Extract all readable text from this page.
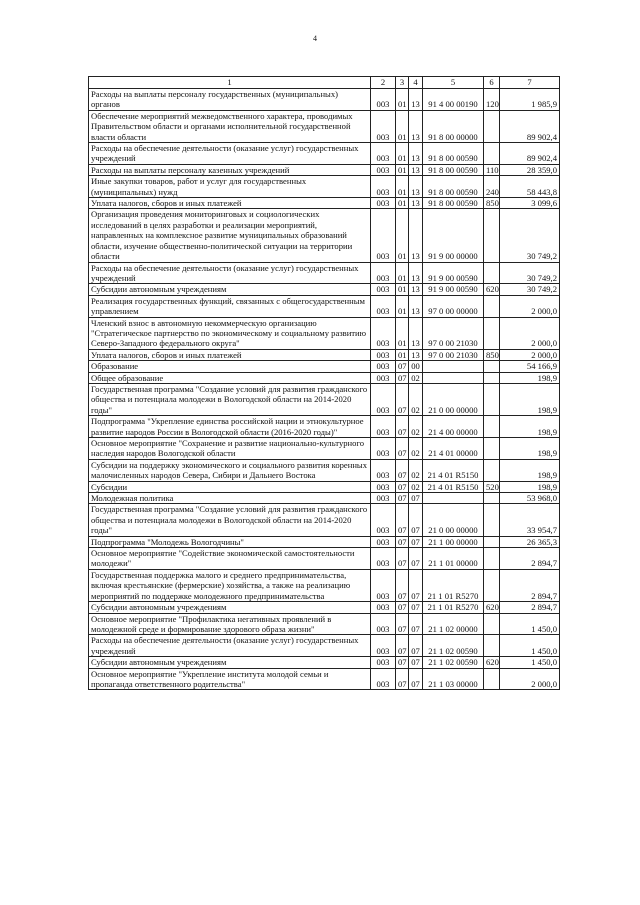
4
1	2	3	4	5	6	7
Расходы на выплаты персоналу государственных (муниципальных) органов	003	01	13	91 4 00 00190	120	1 985,9
Обеспечение мероприятий межведомственного характера, проводимых Правительством области и органами исполнительной государственной власти области	003	01	13	91 8 00 00000		89 902,4
Расходы на обеспечение деятельности (оказание услуг) государственных учреждений	003	01	13	91 8 00 00590		89 902,4
Расходы на выплаты персоналу казенных учреждений	003	01	13	91 8 00 00590	110	28 359,0
Иные закупки товаров, работ и услуг для государственных (муниципальных) нужд	003	01	13	91 8 00 00590	240	58 443,8
Уплата налогов, сборов и иных платежей	003	01	13	91 8 00 00590	850	3 099,6
Организация проведения мониторинговых и социологических исследований в целях разработки и реализации мероприятий, направленных на комплексное развитие муниципальных образований области, изучение общественно-политической ситуации на территории области	003	01	13	91 9 00 00000		30 749,2
Расходы на обеспечение деятельности (оказание услуг) государственных учреждений	003	01	13	91 9 00 00590		30 749,2
Субсидии автономным учреждениям	003	01	13	91 9 00 00590	620	30 749,2
Реализация государственных функций, связанных с общегосударственным управлением	003	01	13	97 0 00 00000		2 000,0
Членский взнос в автономную некоммерческую организацию "Стратегическое партнерство по экономическому и социальному развитию Северо-Западного федерального округа"	003	01	13	97 0 00 21030		2 000,0
Уплата налогов, сборов и иных платежей	003	01	13	97 0 00 21030	850	2 000,0
Образование	003	07	00			54 166,9
Общее образование	003	07	02			198,9
Государственная программа "Создание условий для развития гражданского общества и потенциала молодежи в Вологодской области на 2014-2020 годы"	003	07	02	21 0 00 00000		198,9
Подпрограмма "Укрепление единства российской нации и этнокультурное развитие народов России в Вологодской области (2016-2020 годы)"	003	07	02	21 4 00 00000		198,9
Основное мероприятие "Сохранение и развитие национально-культурного наследия народов Вологодской области	003	07	02	21 4 01 00000		198,9
Субсидии на поддержку экономического и социального развития коренных малочисленных народов Севера, Сибири и Дальнего Востока	003	07	02	21 4 01 R5150		198,9
Субсидии	003	07	02	21 4 01 R5150	520	198,9
Молодежная политика	003	07	07			53 968,0
Государственная программа "Создание условий для развития гражданского общества и потенциала молодежи в Вологодской области на 2014-2020 годы"	003	07	07	21 0 00 00000		33 954,7
Подпрограмма "Молодежь Вологодчины"	003	07	07	21 1 00 00000		26 365,3
Основное мероприятие "Содействие экономической самостоятельности молодежи"	003	07	07	21 1 01 00000		2 894,7
Государственная поддержка малого и среднего предпринимательства, включая крестьянские (фермерские) хозяйства, а также на реализацию мероприятий по поддержке молодежного предпринимательства	003	07	07	21 1 01 R5270		2 894,7
Субсидии автономным учреждениям	003	07	07	21 1 01 R5270	620	2 894,7
Основное мероприятие "Профилактика негативных проявлений в молодежной среде и формирование здорового образа жизни"	003	07	07	21 1 02 00000		1 450,0
Расходы на обеспечение деятельности (оказание услуг) государственных учреждений	003	07	07	21 1 02 00590		1 450,0
Субсидии автономным учреждениям	003	07	07	21 1 02 00590	620	1 450,0
Основное мероприятие "Укрепление института молодой семьи и пропаганда ответственного родительства"	003	07	07	21 1 03 00000		2 000,0
